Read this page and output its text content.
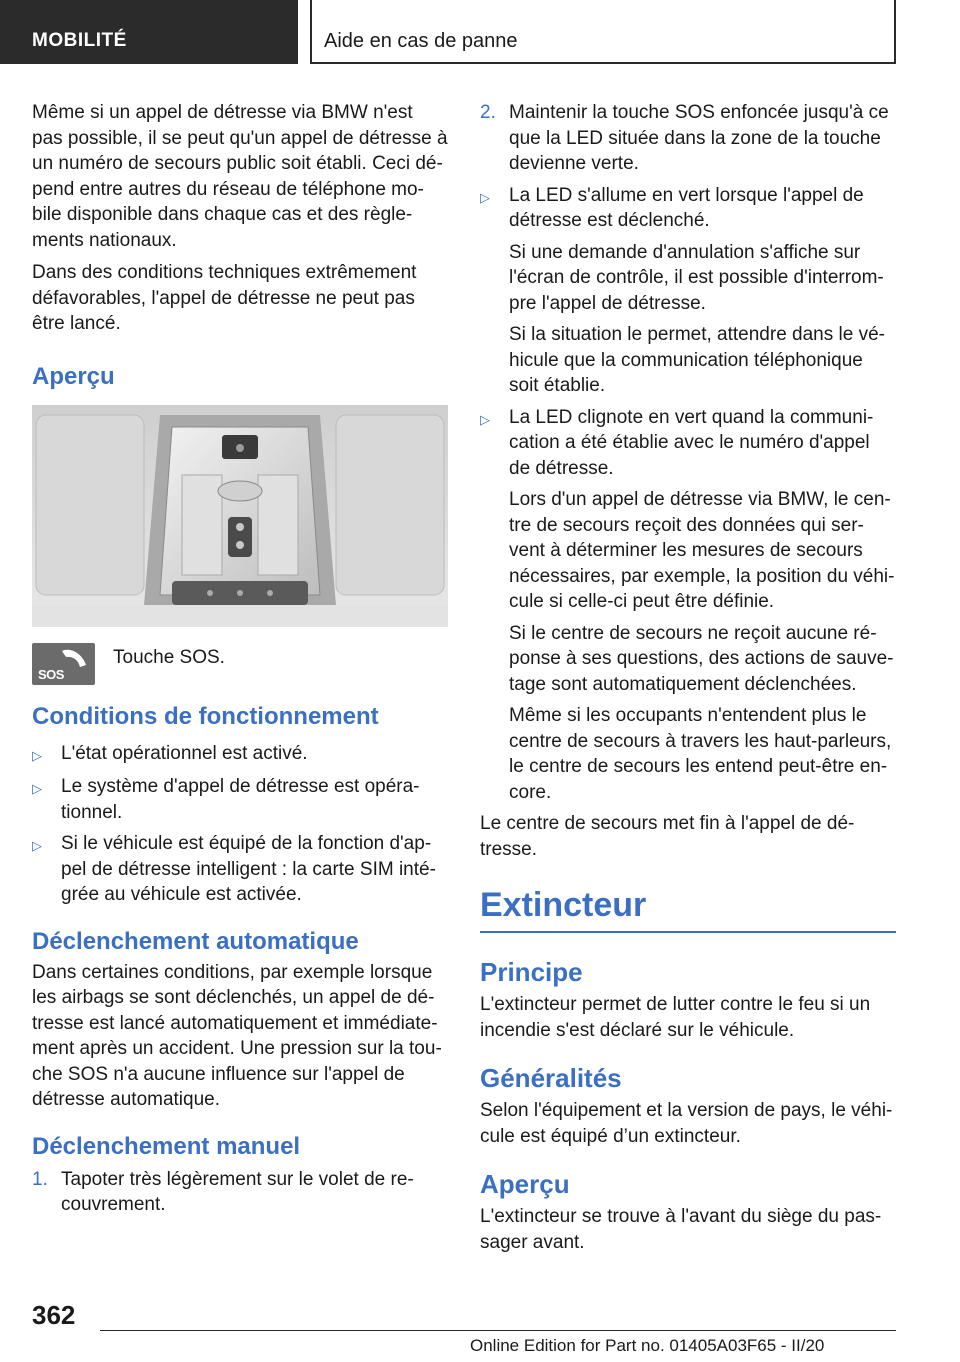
MOBILITÉ	Aide en cas de panne

Même si un appel de détresse via BMW n'est pas possible, il se peut qu'un appel de détresse à un numéro de secours public soit établi. Ceci dé-pend entre autres du réseau de téléphone mo-bile disponible dans chaque cas et des règle-ments nationaux.

Dans des conditions techniques extrêmement défavorables, l'appel de détresse ne peut pas être lancé.

Aperçu
SOS
Touche SOS.
Conditions de fonctionnement
▷	L'état opérationnel est activé.
▷	Le système d'appel de détresse est opéra-tionnel.
▷	Si le véhicule est équipé de la fonction d'ap-pel de détresse intelligent : la carte SIM inté-grée au véhicule est activée.
Déclenchement automatique

Dans certaines conditions, par exemple lorsque les airbags se sont déclenchés, un appel de dé-tresse est lancé automatiquement et immédiate-ment après un accident. Une pression sur la tou-che SOS n'a aucune influence sur l'appel de détresse automatique.

Déclenchement manuel
1. Tapoter très légèrement sur le volet de re-couvrement.
2. Maintenir la touche SOS enfoncée jusqu'à ce que la LED située dans la zone de la touche devienne verte.
▷	La LED s'allume en vert lorsque l'appel de détresse est déclenché.
Si une demande d'annulation s'affiche sur l'écran de contrôle, il est possible d'interrom-pre l'appel de détresse.
Si la situation le permet, attendre dans le vé-hicule que la communication téléphonique soit établie.
▷	La LED clignote en vert quand la communi-cation a été établie avec le numéro d'appel de détresse.
Lors d'un appel de détresse via BMW, le cen-tre de secours reçoit des données qui ser-vent à déterminer les mesures de secours nécessaires, par exemple, la position du véhi-cule si celle-ci peut être définie.
Si le centre de secours ne reçoit aucune ré-ponse à ses questions, des actions de sauve-tage sont automatiquement déclenchées.
Même si les occupants n'entendent plus le centre de secours à travers les haut-parleurs, le centre de secours les entend peut-être en-core.

Le centre de secours met fin à l'appel de dé-tresse.

Extincteur
Principe

L'extincteur permet de lutter contre le feu si un incendie s'est déclaré sur le véhicule.

Généralités

Selon l'équipement et la version de pays, le véhi-cule est équipé d’un extincteur.

Aperçu

L'extincteur se trouve à l'avant du siège du pas-sager avant.

362
Online Edition for Part no. 01405A03F65 - II/20
